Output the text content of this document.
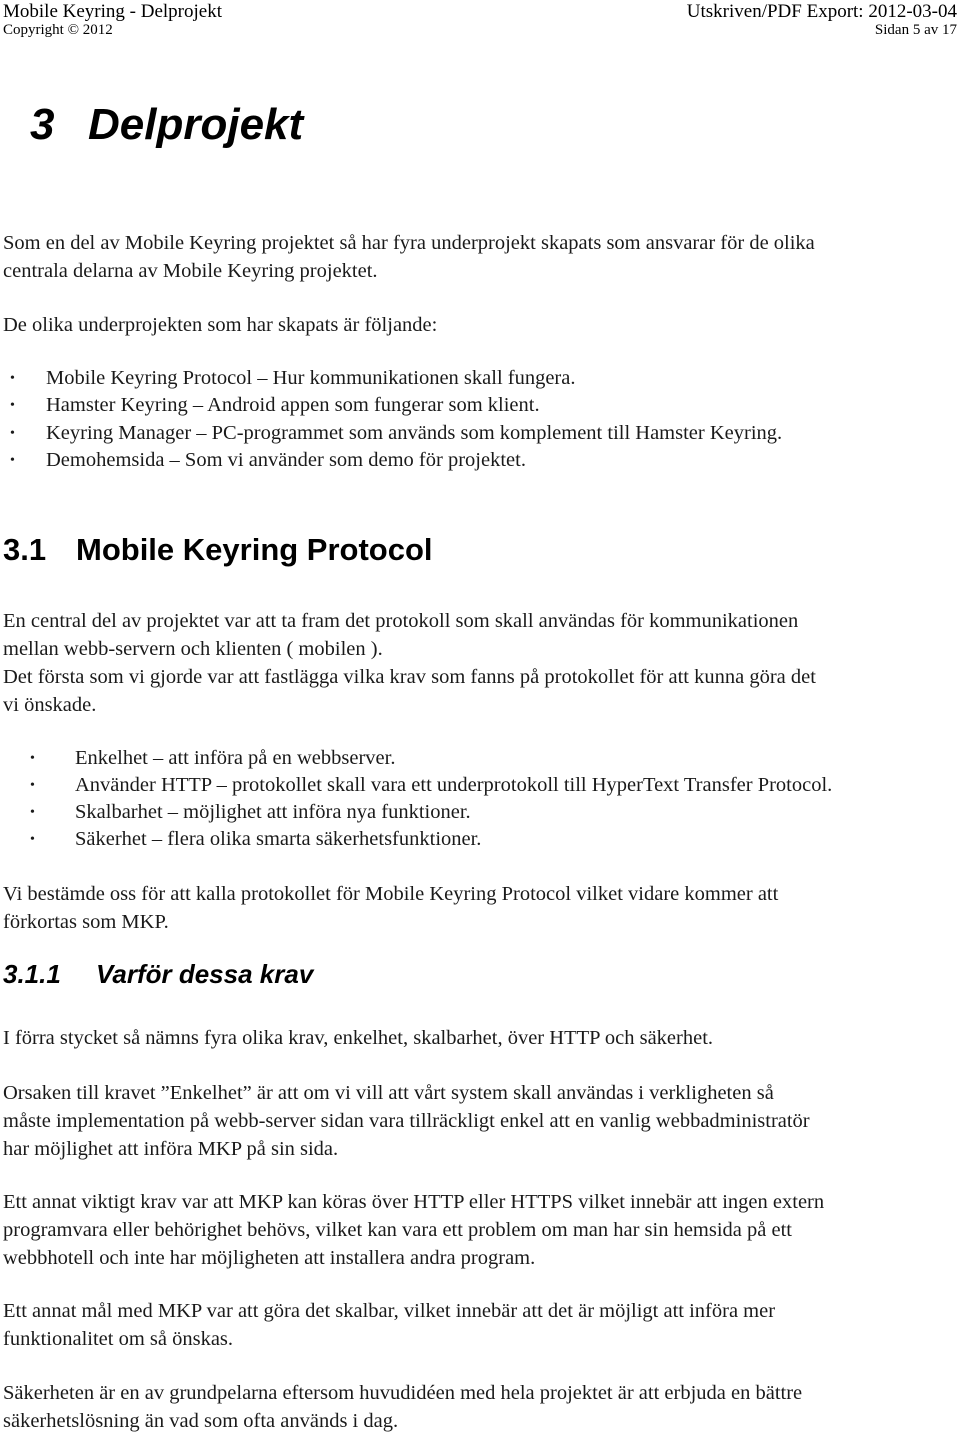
Mobile Keyring - Delprojekt	Utskriven/PDF Export: 2012-03-04
Copyright © 2012	Sidan 5 av 17
3 Delprojekt
Som en del av Mobile Keyring projektet så har fyra underprojekt skapats som ansvarar för de olika
centrala delarna av Mobile Keyring projektet.
De olika underprojekten som har skapats är följande:
• Mobile Keyring Protocol – Hur kommunikationen skall fungera.
• Hamster Keyring – Android appen som fungerar som klient.
• Keyring Manager – PC-programmet som används som komplement till Hamster Keyring.
• Demohemsida – Som vi använder som demo för projektet.
3.1 Mobile Keyring Protocol
En central del av projektet var att ta fram det protokoll som skall användas för kommunikationen
mellan webb-servern och klienten ( mobilen ).
Det första som vi gjorde var att fastlägga vilka krav som fanns på protokollet för att kunna göra det
vi önskade.
• Enkelhet – att införa på en webbserver.
• Använder HTTP – protokollet skall vara ett underprotokoll till HyperText Transfer Protocol.
• Skalbarhet – möjlighet att införa nya funktioner.
• Säkerhet – flera olika smarta säkerhetsfunktioner.
Vi bestämde oss för att kalla protokollet för Mobile Keyring Protocol vilket vidare kommer att
förkortas som MKP.
3.1.1 Varför dessa krav
I förra stycket så nämns fyra olika krav, enkelhet, skalbarhet, över HTTP och säkerhet.
Orsaken till kravet ”Enkelhet” är att om vi vill att vårt system skall användas i verkligheten så
måste implementation på webb-server sidan vara tillräckligt enkel att en vanlig webbadministratör
har möjlighet att införa MKP på sin sida.
Ett annat viktigt krav var att MKP kan köras över HTTP eller HTTPS vilket innebär att ingen extern
programvara eller behörighet behövs, vilket kan vara ett problem om man har sin hemsida på ett
webbhotell och inte har möjligheten att installera andra program.
Ett annat mål med MKP var att göra det skalbar, vilket innebär att det är möjligt att införa mer
funktionalitet om så önskas.
Säkerheten är en av grundpelarna eftersom huvudidéen med hela projektet är att erbjuda en bättre
säkerhetslösning än vad som ofta används i dag.
